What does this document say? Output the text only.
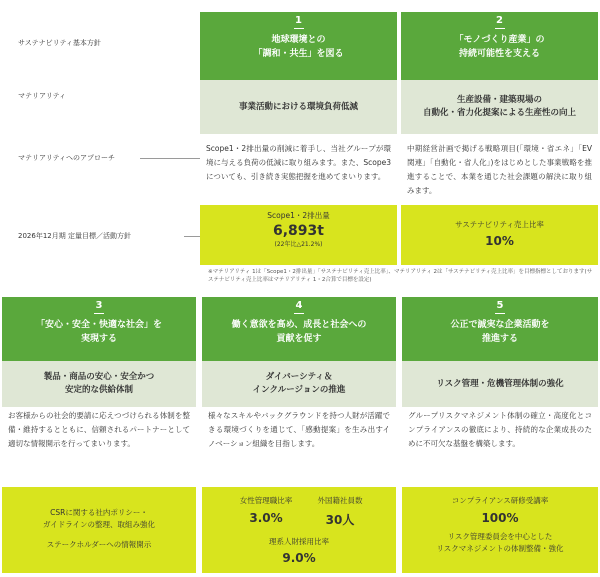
サステナビリティ基本方針
マテリアリティ
マテリアリティへのアプローチ
2026年12月期 定量目標／活動方針
1
地球環境との
「調和・共生」を図る
事業活動における環境負荷低減
Scope1・2排出量の削減に着手し、当社グループが環境に与える負荷の低減に取り組みます。また、Scope3についても、引き続き実態把握を進めてまいります。
Scope1・2排出量
6,893t
(22年比△21.2%)
2
「モノづくり産業」の
持続可能性を支える
生産設備・建築現場の
自動化・省力化提案による生産性の向上
中期経営計画で掲げる戦略項目(「環境・省エネ」「EV関連」「自動化・省人化」)をはじめとした事業戦略を推進することで、本業を通じた社会課題の解決に取り組みます。
サステナビリティ売上比率
10%
※マテリアリティ 1は「Scope1・2排出量」「サステナビリティ売上比率」、マテリアリティ 2は「サステナビリティ売上比率」を目標指標としております(サステナビリティ売上比率はマテリアリティ 1・2合算で目標を設定)
3
「安心・安全・快適な社会」を
実現する
製品・商品の安心・安全かつ
安定的な供給体制
お客様からの社会的要請に応えつづけられる体制を整備・維持するとともに、信頼されるパートナーとして適切な情報開示を行ってまいります。
CSRに関する社内ポリシー・
ガイドラインの整理、取組み強化
ステークホルダーへの情報開示
4
働く意欲を高め、成長と社会への
貢献を促す
ダイバーシティ＆
インクルージョンの推進
様々なスキルやバックグラウンドを持つ人財が活躍できる環境づくりを通じて、「感動提案」を生み出すイノベーション組織を目指します。
女性管理職比率
3.0%
外国籍社員数
30人
理系人財採用比率
9.0%
5
公正で誠実な企業活動を
推進する
リスク管理・危機管理体制の強化
グループリスクマネジメント体制の確立・高度化とコンプライアンスの徹底により、持続的な企業成長のために不可欠な基盤を構築します。
コンプライアンス研修受講率
100%
リスク管理委員会を中心とした
リスクマネジメントの体制整備・強化
